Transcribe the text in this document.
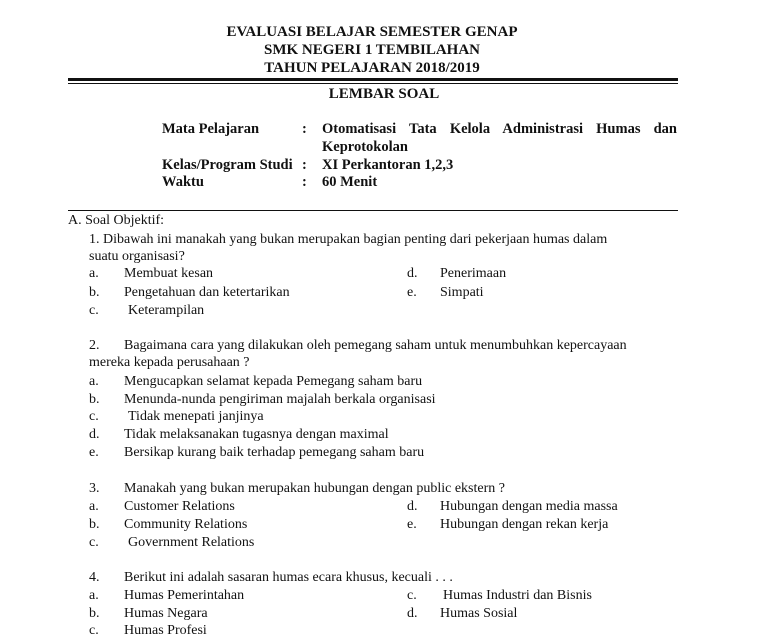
EVALUASI BELAJAR SEMESTER GENAP
SMK NEGERI 1 TEMBILAHAN
TAHUN PELAJARAN 2018/2019
LEMBAR SOAL
Mata Pelajaran	: Otomatisasi Tata Kelola Administrasi Humas dan
Keprotokolan
Kelas/Program Studi : XI Perkantoran 1,2,3
Waktu	: 60 Menit
A. Soal Objektif:
1. Dibawah ini manakah yang bukan merupakan bagian penting dari pekerjaan humas dalam
suatu organisasi?
a. Membuat kesan
b. Pengetahuan dan ketertarikan
c. Keterampilan
d. Penerimaan
e. Simpati
2. Bagaimana cara yang dilakukan oleh pemegang saham untuk menumbuhkan kepercayaan
mereka kepada perusahaan ?
a. Mengucapkan selamat kepada Pemegang saham baru
b. Menunda-nunda pengiriman majalah berkala organisasi
c. Tidak menepati janjinya
d. Tidak melaksanakan tugasnya dengan maximal
e. Bersikap kurang baik terhadap pemegang saham baru
3. Manakah yang bukan merupakan hubungan dengan public ekstern ?
a. Customer Relations
b. Community Relations
c. Government Relations
d. Hubungan dengan media massa
e. Hubungan dengan rekan kerja
4. Berikut ini adalah sasaran humas ecara khusus, kecuali . . .
a. Humas Pemerintahan
b. Humas Negara
c. Humas Profesi
c. Humas Industri dan Bisnis
d. Humas Sosial
